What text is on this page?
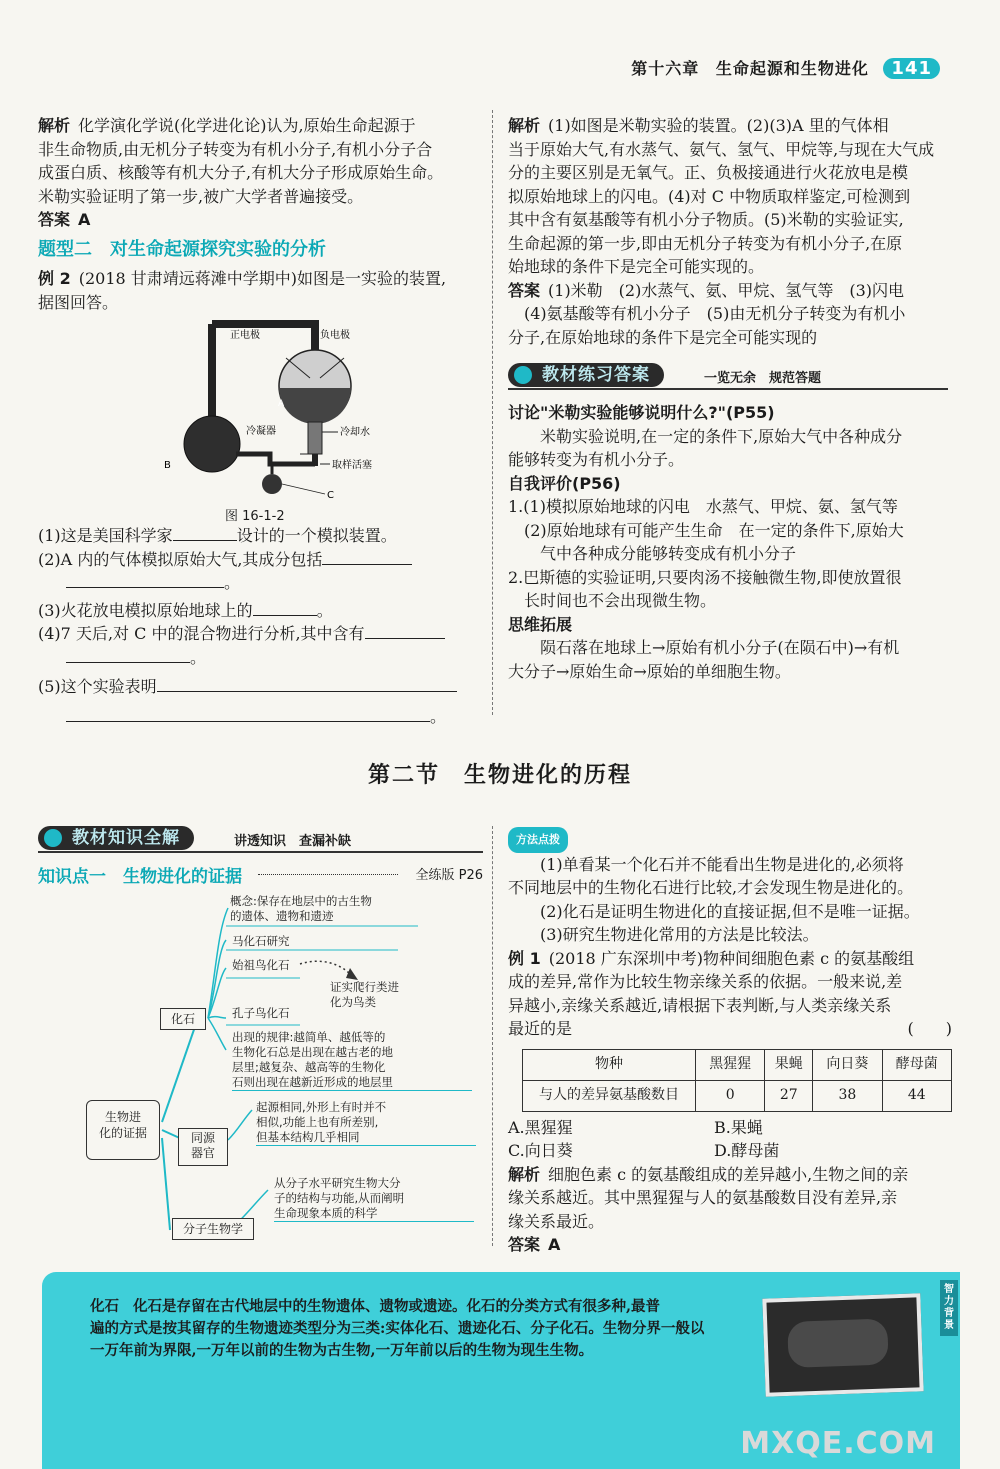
第十六章 生命起源和生物进化 141

解析 化学演化学说(化学进化论)认为,原始生命起源于

非生命物质,由无机分子转变为有机小分子,有机小分子合

成蛋白质、核酸等有机大分子,有机大分子形成原始生命。

米勒实验证明了第一步,被广大学者普遍接受。

答案 A

题型二　对生命起源探究实验的分析

例 2 (2018 甘肃靖远蒋滩中学期中)如图是一实验的装置,

据图回答。

正电极	负电极
A
B
C
冷凝器	冷却水
取样活塞
图 16-1-2

(1)这是美国科学家	设计的一个模拟装置。

(2)A 内的气体模拟原始大气,其成分包括

。

(3)火花放电模拟原始地球上的	。

(4)7 天后,对 C 中的混合物进行分析,其中含有

。

(5)这个实验表明

。

解析 (1)如图是米勒实验的装置。(2)(3)A 里的气体相

当于原始大气,有水蒸气、氨气、氢气、甲烷等,与现在大气成

分的主要区别是无氧气。正、负极接通进行火花放电是模

拟原始地球上的闪电。(4)对 C 中物质取样鉴定,可检测到

其中含有氨基酸等有机小分子物质。(5)米勒的实验证实,

生命起源的第一步,即由无机分子转变为有机小分子,在原

始地球的条件下是完全可能实现的。

答案 (1)米勒　(2)水蒸气、氨、甲烷、氢气等　(3)闪电

(4)氨基酸等有机小分子　(5)由无机分子转变为有机小

分子,在原始地球的条件下是完全可能实现的

教材练习答案	一览无余　规范答题

讨论"米勒实验能够说明什么?"(P55)

米勒实验说明,在一定的条件下,原始大气中各种成分

能够转变为有机小分子。

自我评价(P56)

1.(1)模拟原始地球的闪电　水蒸气、甲烷、氨、氢气等

　(2)原始地球有可能产生生命　在一定的条件下,原始大

　　气中各种成分能够转变成有机小分子

2.巴斯德的实验证明,只要肉汤不接触微生物,即使放置很

　长时间也不会出现微生物。

思维拓展

陨石落在地球上→原始有机小分子(在陨石中)→有机

大分子→原始生命→原始的单细胞生物。

第二节　生物进化的历程
教材知识全解	讲透知识　查漏补缺
知识点一　生物进化的证据	全练版 P26
生物进
化的证据
化石
概念:保存在地层中的古生物
的遗体、遗物和遗迹
马化石研究
始祖鸟化石
孔子鸟化石
证实爬行类进
化为鸟类
出现的规律:越简单、越低等的
生物化石总是出现在越古老的地
层里;越复杂、越高等的生物化
石则出现在越新近形成的地层里
同源
器官
起源相同,外形上有时并不
相似,功能上也有所差别,
但基本结构几乎相同
分子生物学
从分子水平研究生物大分
子的结构与功能,从而阐明
生命现象本质的科学

方法点拨

(1)单看某一个化石并不能看出生物是进化的,必须将

不同地层中的生物化石进行比较,才会发现生物是进化的。

(2)化石是证明生物进化的直接证据,但不是唯一证据。

(3)研究生物进化常用的方法是比较法。

例 1 (2018 广东深圳中考)物种间细胞色素 c 的氨基酸组

成的差异,常作为比较生物亲缘关系的依据。一般来说,差

异越小,亲缘关系越近,请根据下表判断,与人类亲缘关系

最近的是	(　　)

物种	黑猩猩	果蝇	向日葵	酵母菌
与人的差异氨基酸数目	0	27	38	44

A.黑猩猩	B.果蝇

C.向日葵	D.酵母菌

解析 细胞色素 c 的氨基酸组成的差异越小,生物之间的亲

缘关系越近。其中黑猩猩与人的氨基酸数目没有差异,亲

缘关系最近。

答案 A

化石 化石是存留在古代地层中的生物遗体、遗物或遗迹。化石的分类方式有很多种,最普

遍的方式是按其留存的生物遗迹类型分为三类:实体化石、遗迹化石、分子化石。生物分界一般以

一万年前为界限,一万年以前的生物为古生物,一万年前以后的生物为现生生物。

智力背景
MXQE.COM
